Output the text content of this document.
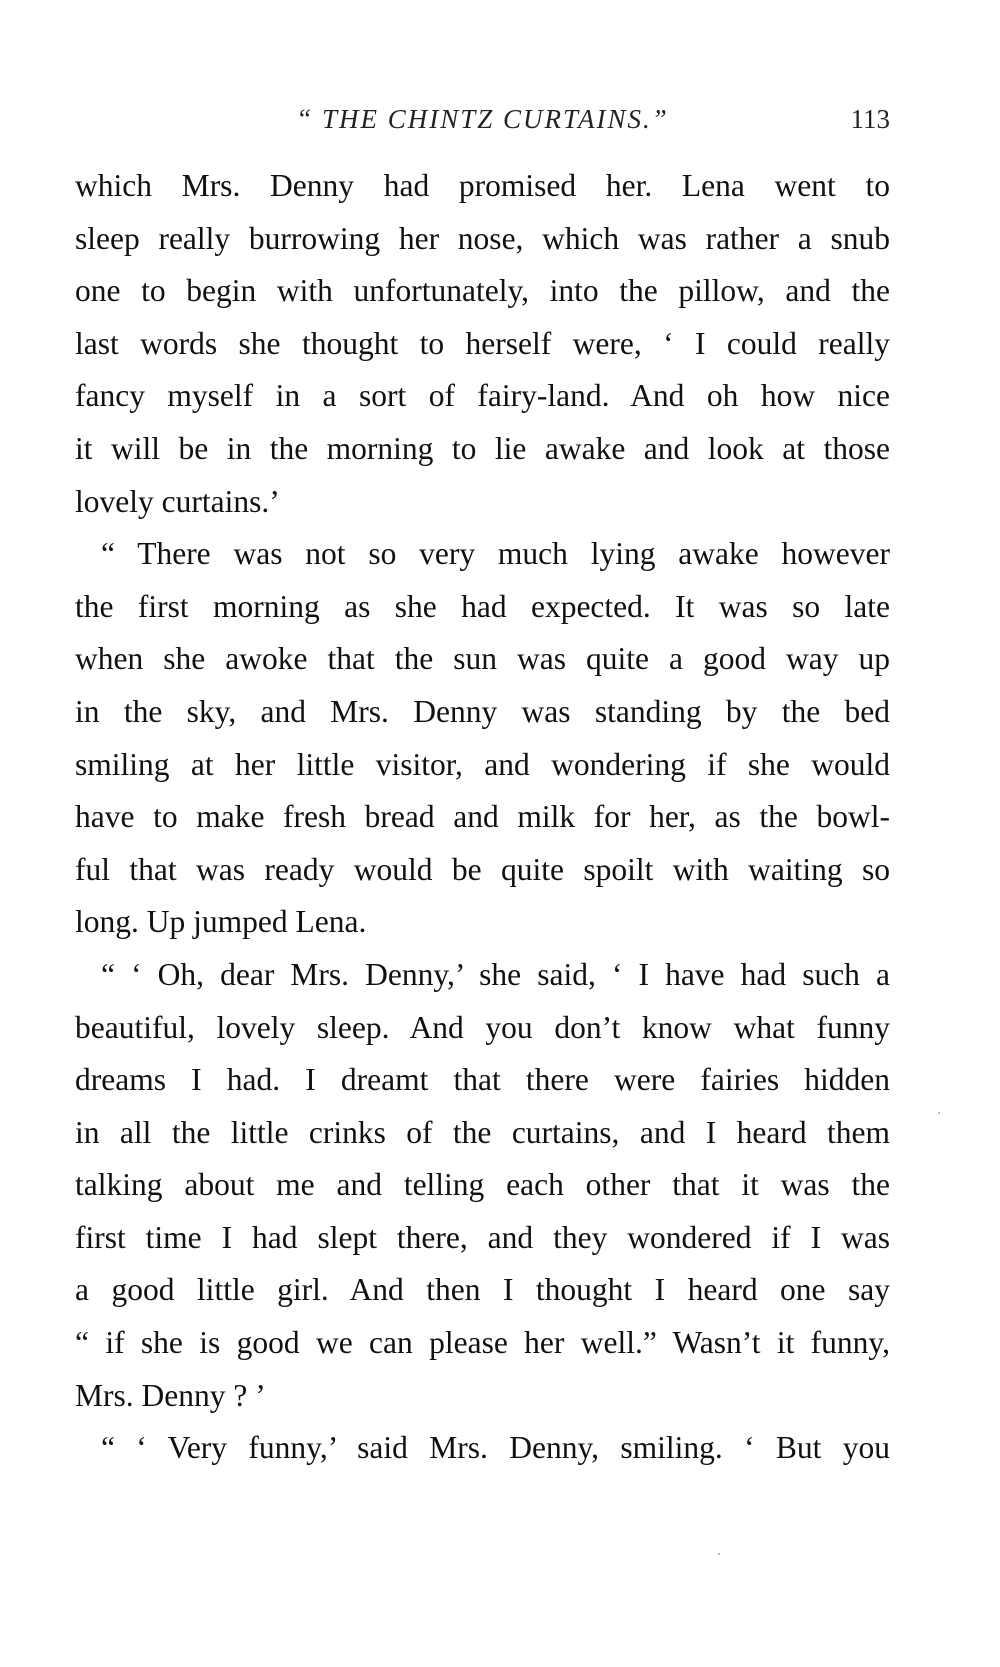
“ THE CHINTZ CURTAINS.”	113
which Mrs. Denny had promised her. Lena went to
sleep really burrowing her nose, which was rather a snub
one to begin with unfortunately, into the pillow, and the
last words she thought to herself were, ‘ I could really
fancy myself in a sort of fairy-land. And oh how nice
it will be in the morning to lie awake and look at those
lovely curtains.’
“ There was not so very much lying awake however
the first morning as she had expected. It was so late
when she awoke that the sun was quite a good way up
in the sky, and Mrs. Denny was standing by the bed
smiling at her little visitor, and wondering if she would
have to make fresh bread and milk for her, as the bowl-
ful that was ready would be quite spoilt with waiting so
long. Up jumped Lena.
“ ‘ Oh, dear Mrs. Denny,’ she said, ‘ I have had such a
beautiful, lovely sleep. And you don’t know what funny
dreams I had. I dreamt that there were fairies hidden
in all the little crinks of the curtains, and I heard them
talking about me and telling each other that it was the
first time I had slept there, and they wondered if I was
a good little girl. And then I thought I heard one say
“ if she is good we can please her well.” Wasn’t it funny,
Mrs. Denny ? ’
“ ‘ Very funny,’ said Mrs. Denny, smiling. ‘ But you
